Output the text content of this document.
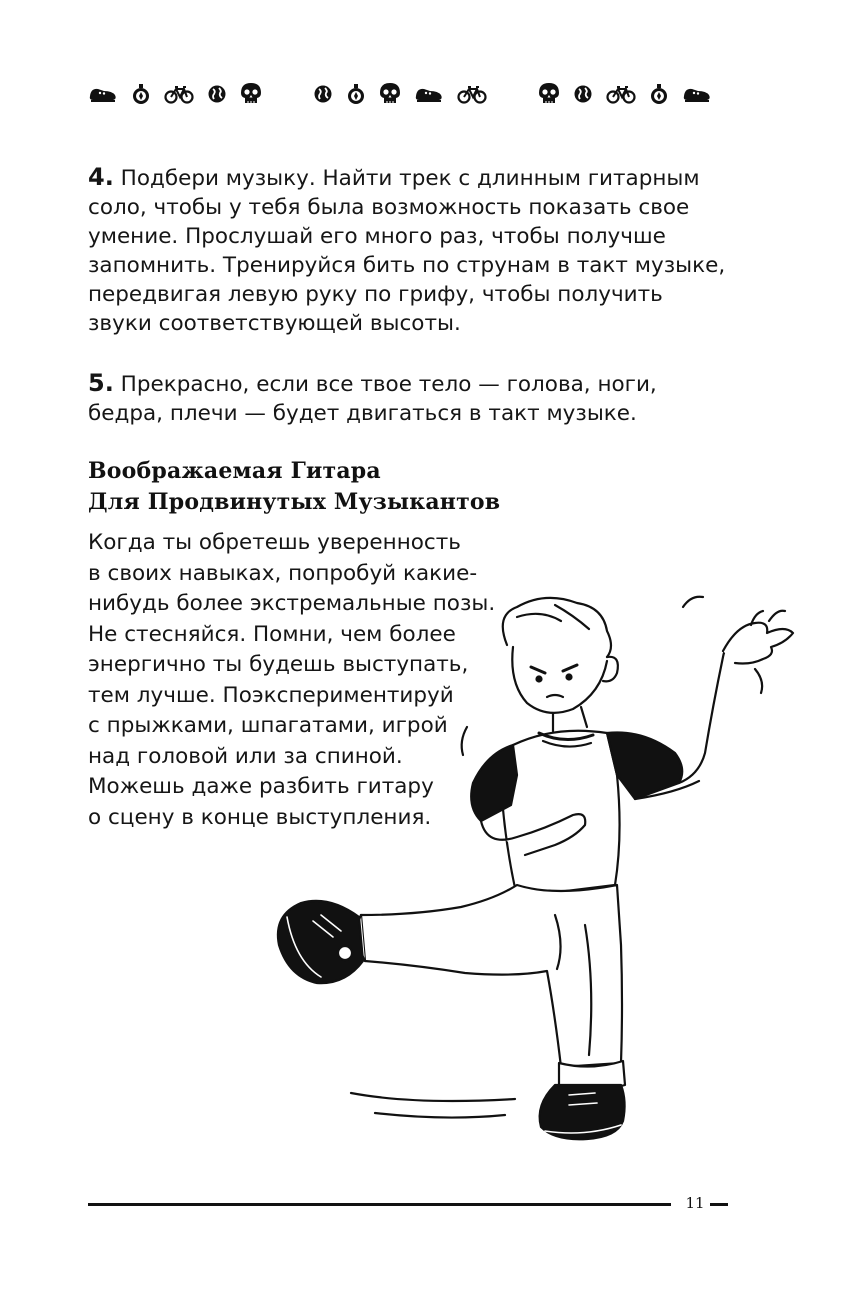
4. Подбери музыку. Найти трек с длинным гитарным соло, чтобы у тебя была возможность показать свое умение. Прослушай его много раз, чтобы получше запомнить. Тренируйся бить по струнам в такт музыке, передвигая левую руку по грифу, чтобы получить звуки соответствующей высоты.

5. Прекрасно, если все твое тело — голова, ноги, бедра, плечи — будет двигаться в такт музыке.

Воображаемая Гитара
Для Продвинутых Музыкантов

Когда ты обретешь уверенность
в своих навыках, попробуй какие-
нибудь более экстремальные позы.
Не стесняйся. Помни, чем более
энергично ты будешь выступать,
тем лучше. Поэкспериментируй
с прыжками, шпагатами, игрой
над головой или за спиной.
Можешь даже разбить гитару
о сцену в конце выступления.

11
